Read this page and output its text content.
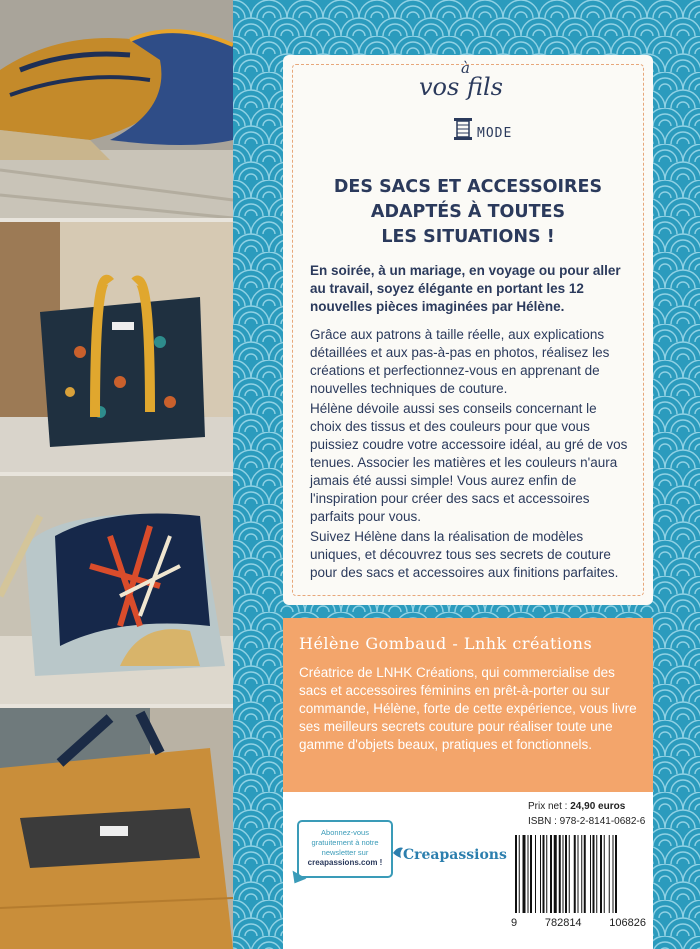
à
vos fils
MODE
DES SACS ET ACCESSOIRES
ADAPTÉS À TOUTES
LES SITUATIONS !

En soirée, à un mariage, en voyage ou pour aller au travail, soyez élégante en portant les 12 nouvelles pièces imaginées par Hélène.

Grâce aux patrons à taille réelle, aux explications détaillées et aux pas-à-pas en photos, réalisez les créations et perfectionnez-vous en apprenant de nouvelles techniques de couture.

Hélène dévoile aussi ses conseils concernant le choix des tissus et des couleurs pour que vous puissiez coudre votre accessoire idéal, au gré de vos tenues. Associer les matières et les couleurs n'aura jamais été aussi simple! Vous aurez enfin de l'inspiration pour créer des sacs et accessoires parfaits pour vous.

Suivez Hélène dans la réalisation de modèles uniques, et découvrez tous ses secrets de couture pour des sacs et accessoires aux finitions parfaites.

Hélène Gombaud - Lnhk créations

Créatrice de LNHK Créations, qui commercialise des sacs et accessoires féminins en prêt-à-porter ou sur commande, Hélène, forte de cette expérience, vous livre ses meilleurs secrets couture pour réaliser toute une gamme d'objets beaux, pratiques et fonctionnels.

Abonnez-vous
gratuitement à notre
newsletter sur
creapassions.com !	Creapassions
Prix net : 24,90 euros
ISBN : 978-2-8141-0682-6
9	782814	106826
